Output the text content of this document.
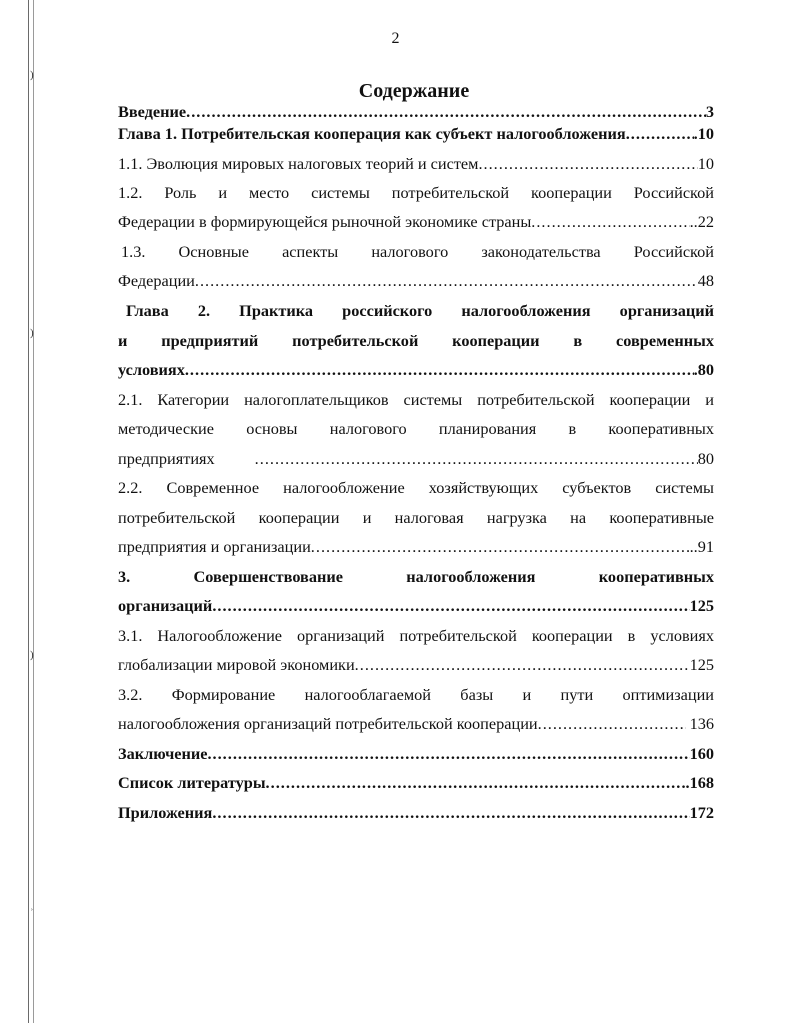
)
)
)
ʾ
2
Содержание
Введение .....	3
Глава 1. Потребительская кооперация как субъект налогообложения .....	.10
1.1. Эволюция мировых налоговых теорий и систем .....	10
1.2. Роль и место системы потребительской кооперации Российской
Федерации в формирующейся рыночной экономике страны .....	..22
1.3. Основные аспекты налогового законодательства Российской
Федерации .....	48
Глава 2. Практика российского налогообложения организаций
и предприятий потребительской кооперации в современных
условиях .....	.80
2.1. Категории налогоплательщиков системы потребительской кооперации и
методические основы налогового планирования в кооперативных
предприятиях .....	80
2.2. Современное налогообложение хозяйствующих субъектов системы
потребительской кооперации и налоговая нагрузка на кооперативные
предприятия и организации .....	..91
3. Совершенствование налогообложения кооперативных
организаций .....	125
3.1. Налогообложение организаций потребительской кооперации в условиях
глобализации мировой экономики .....	125
3.2. Формирование налогооблагаемой базы и пути оптимизации
налогообложения организаций потребительской кооперации .....	136
Заключение .....	160
Список литературы .....	..168
Приложения .....	172
